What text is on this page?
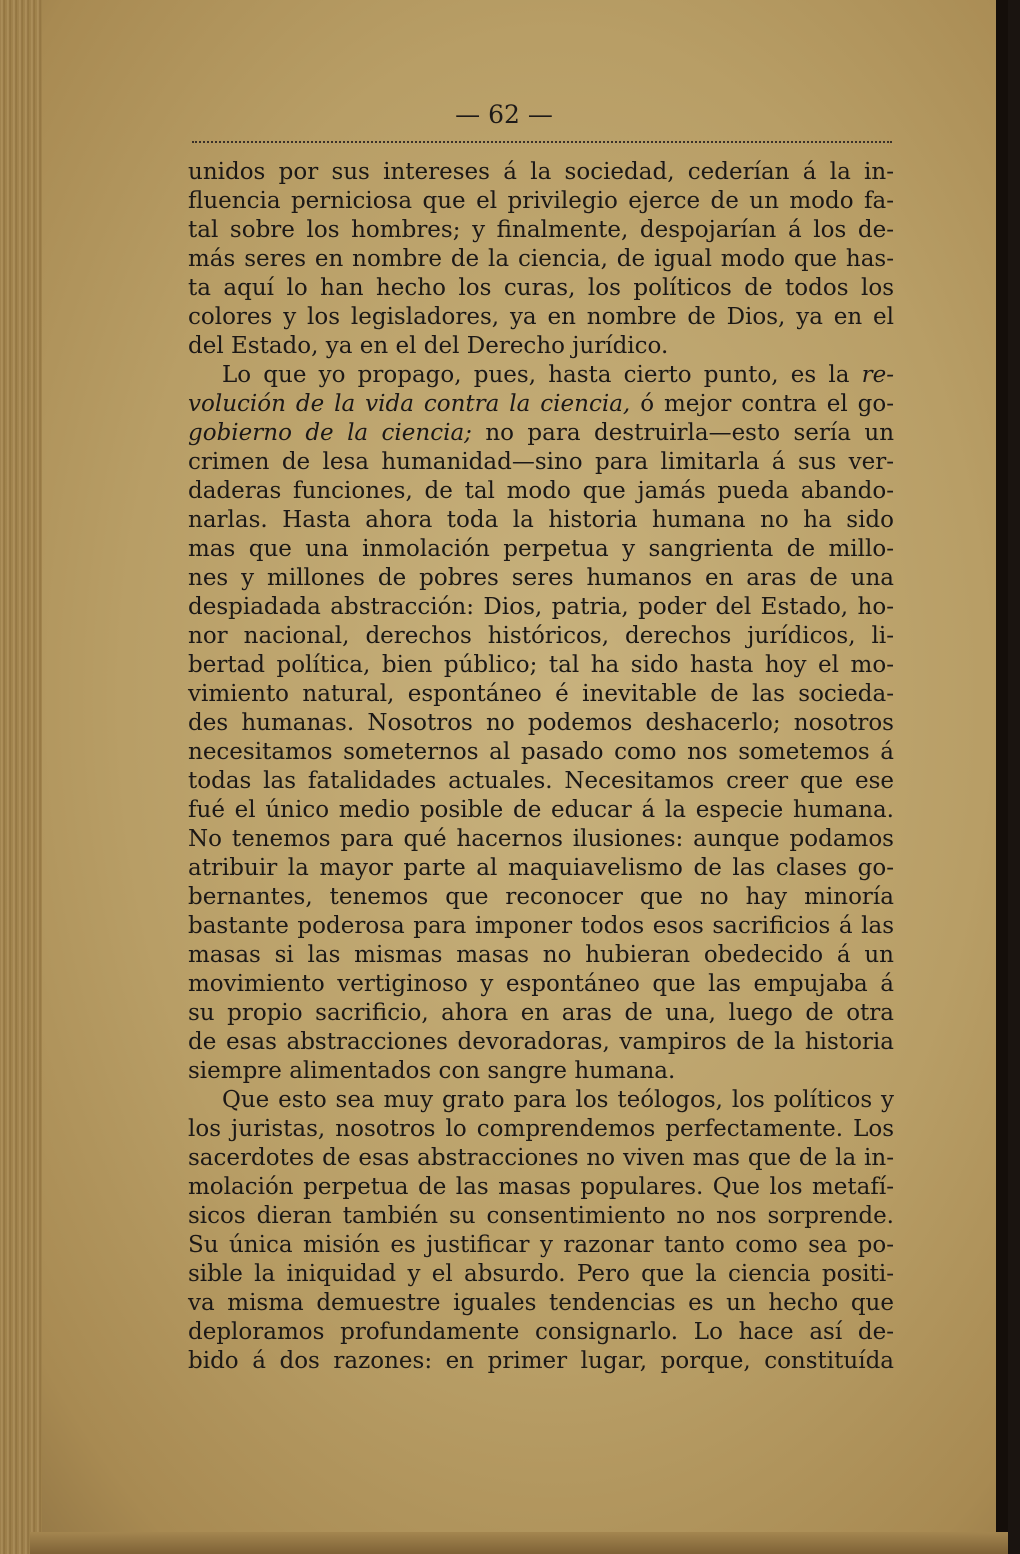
— 62 —
unidos por sus intereses á la sociedad, cederían á la in-
fluencia perniciosa que el privilegio ejerce de un modo fa-
tal sobre los hombres; y finalmente, despojarían á los de-
más seres en nombre de la ciencia, de igual modo que has-
ta aquí lo han hecho los curas, los políticos de todos los
colores y los legisladores, ya en nombre de Dios, ya en el
del Estado, ya en el del Derecho jurídico.
Lo que yo propago, pues, hasta cierto punto, es la re-
volución de la vida contra la ciencia, ó mejor contra el go-
gobierno de la ciencia; no para destruirla—esto sería un
crimen de lesa humanidad—sino para limitarla á sus ver-
daderas funciones, de tal modo que jamás pueda abando-
narlas. Hasta ahora toda la historia humana no ha sido
mas que una inmolación perpetua y sangrienta de millo-
nes y millones de pobres seres humanos en aras de una
despiadada abstracción: Dios, patria, poder del Estado, ho-
nor nacional, derechos históricos, derechos jurídicos, li-
bertad política, bien público; tal ha sido hasta hoy el mo-
vimiento natural, espontáneo é inevitable de las socieda-
des humanas. Nosotros no podemos deshacerlo; nosotros
necesitamos someternos al pasado como nos sometemos á
todas las fatalidades actuales. Necesitamos creer que ese
fué el único medio posible de educar á la especie humana.
No tenemos para qué hacernos ilusiones: aunque podamos
atribuir la mayor parte al maquiavelismo de las clases go-
bernantes, tenemos que reconocer que no hay minoría
bastante poderosa para imponer todos esos sacrificios á las
masas si las mismas masas no hubieran obedecido á un
movimiento vertiginoso y espontáneo que las empujaba á
su propio sacrificio, ahora en aras de una, luego de otra
de esas abstracciones devoradoras, vampiros de la historia
siempre alimentados con sangre humana.
Que esto sea muy grato para los teólogos, los políticos y
los juristas, nosotros lo comprendemos perfectamente. Los
sacerdotes de esas abstracciones no viven mas que de la in-
molación perpetua de las masas populares. Que los metafí-
sicos dieran también su consentimiento no nos sorprende.
Su única misión es justificar y razonar tanto como sea po-
sible la iniquidad y el absurdo. Pero que la ciencia positi-
va misma demuestre iguales tendencias es un hecho que
deploramos profundamente consignarlo. Lo hace así de-
bido á dos razones: en primer lugar, porque, constituída
